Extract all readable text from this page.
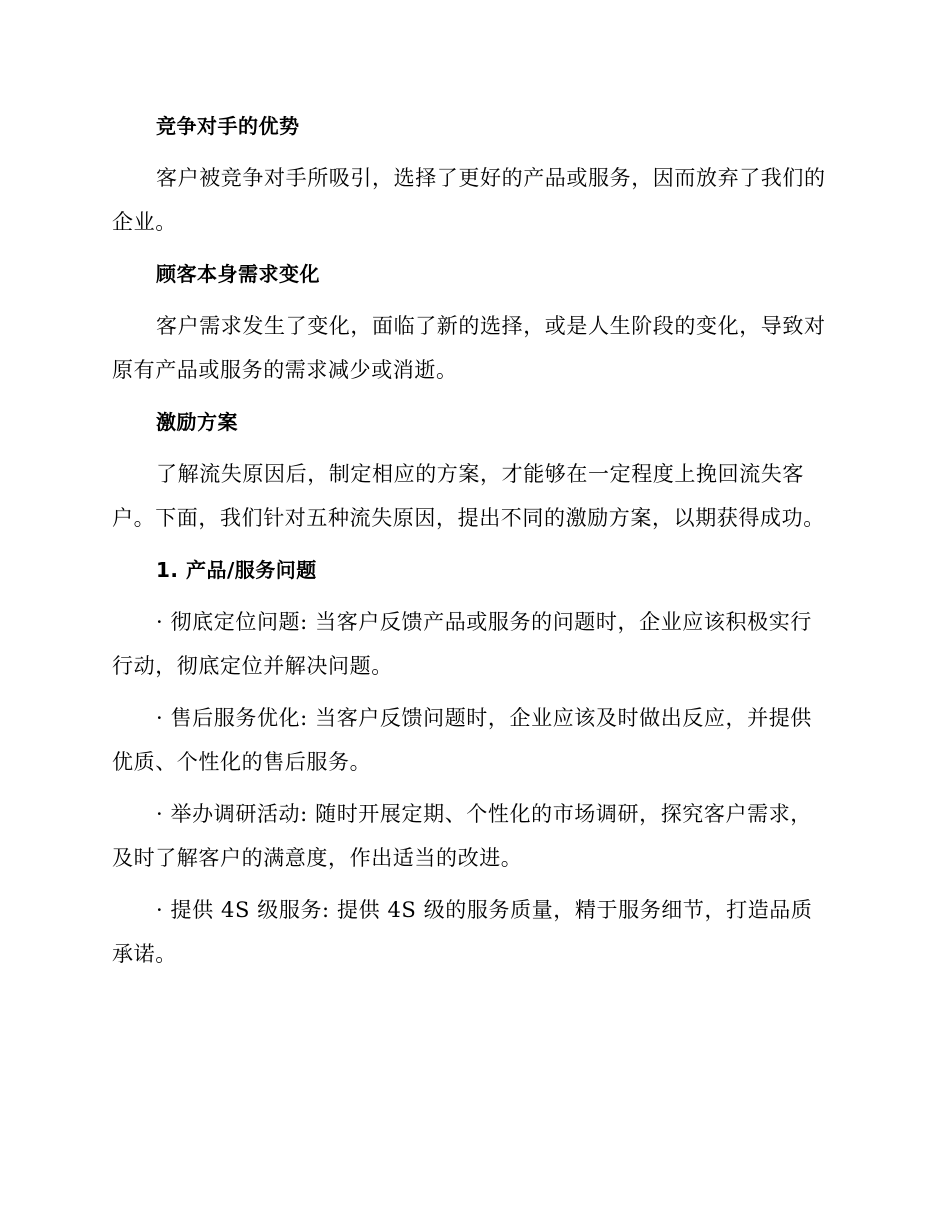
竞争对手的优势

客户被竞争对手所吸引，选择了更好的产品或服务，因而放弃了我们的企业。

顾客本身需求变化

客户需求发生了变化，面临了新的选择，或是人生阶段的变化，导致对原有产品或服务的需求减少或消逝。

激励方案

了解流失原因后，制定相应的方案，才能够在一定程度上挽回流失客户。下面，我们针对五种流失原因，提出不同的激励方案，以期获得成功。

1. 产品/服务问题

· 彻底定位问题: 当客户反馈产品或服务的问题时，企业应该积极实行行动，彻底定位并解决问题。

· 售后服务优化: 当客户反馈问题时，企业应该及时做出反应，并提供优质、个性化的售后服务。

· 举办调研活动: 随时开展定期、个性化的市场调研，探究客户需求，及时了解客户的满意度，作出适当的改进。

· 提供 4S 级服务: 提供 4S 级的服务质量，精于服务细节，打造品质承诺。
